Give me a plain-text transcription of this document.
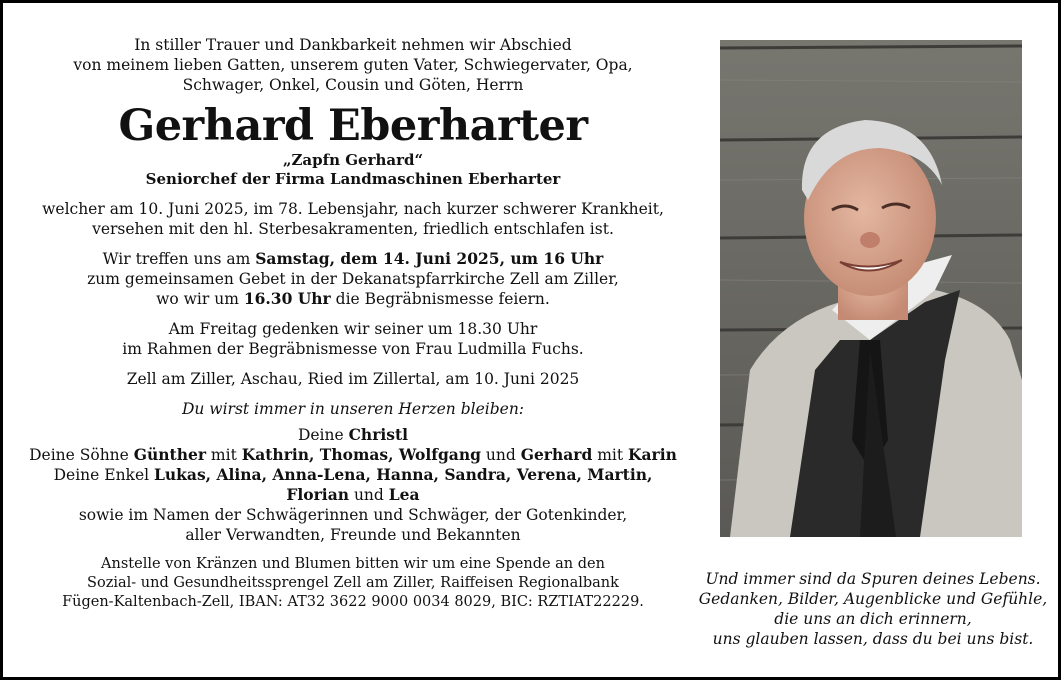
In stiller Trauer und Dankbarkeit nehmen wir Abschied

von meinem lieben Gatten, unserem guten Vater, Schwiegervater, Opa,

Schwager, Onkel, Cousin und Göten, Herrn

Gerhard Eberharter

„Zapfn Gerhard“

Seniorchef der Firma Landmaschinen Eberharter

welcher am 10. Juni 2025, im 78. Lebensjahr, nach kurzer schwerer Krankheit,

versehen mit den hl. Sterbesakramenten, friedlich entschlafen ist.

Wir treffen uns am Samstag, dem 14. Juni 2025, um 16 Uhr

zum gemeinsamen Gebet in der Dekanatspfarrkirche Zell am Ziller,

wo wir um 16.30 Uhr die Begräbnismesse feiern.

Am Freitag gedenken wir seiner um 18.30 Uhr

im Rahmen der Begräbnismesse von Frau Ludmilla Fuchs.

Zell am Ziller, Aschau, Ried im Zillertal, am 10. Juni 2025

Du wirst immer in unseren Herzen bleiben:

Deine Christl

Deine Söhne Günther mit Kathrin, Thomas, Wolfgang und Gerhard mit Karin

Deine Enkel Lukas, Alina, Anna-Lena, Hanna, Sandra, Verena, Martin,

Florian und Lea

sowie im Namen der Schwägerinnen und Schwäger, der Gotenkinder,

aller Verwandten, Freunde und Bekannten

Anstelle von Kränzen und Blumen bitten wir um eine Spende an den

Sozial- und Gesundheitssprengel Zell am Ziller, Raiffeisen Regionalbank

Fügen-Kaltenbach-Zell, IBAN: AT32 3622 9000 0034 8029, BIC: RZTIAT22229.

Und immer sind da Spuren deines Lebens.

Gedanken, Bilder, Augenblicke und Gefühle,

die uns an dich erinnern,

uns glauben lassen, dass du bei uns bist.
